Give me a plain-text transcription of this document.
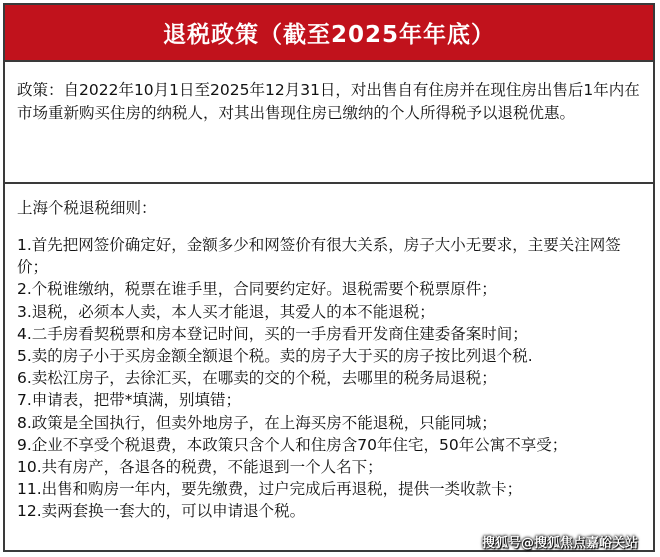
退税政策（截至2025年年底）

政策：自2022年10月1日至2025年12月31日，对出售自有住房并在现住房出售后1年内在市场重新购买住房的纳税人，对其出售现住房已缴纳的个人所得税予以退税优惠。

上海个税退税细则：

1.首先把网签价确定好，金额多少和网签价有很大关系，房子大小无要求，主要关注网签价；
2.个税谁缴纳，税票在谁手里，合同要约定好。退税需要个税票原件；
3.退税，必须本人卖，本人买才能退，其爱人的本不能退税；
4.二手房看契税票和房本登记时间，买的一手房看开发商住建委备案时间；
5.卖的房子小于买房金额全额退个税。卖的房子大于买的房子按比列退个税.
6.卖松江房子，去徐汇买，在哪卖的交的个税，去哪里的税务局退税；
7.申请表，把带*填满，别填错；
8.政策是全国执行，但卖外地房子，在上海买房不能退税，只能同城；
9.企业不享受个税退费，本政策只含个人和住房含70年住宅，50年公寓不享受；
10.共有房产，各退各的税费，不能退到一个人名下；
11.出售和购房一年内，要先缴费，过户完成后再退税，提供一类收款卡；
12.卖两套换一套大的，可以申请退个税。
搜狐号@搜狐焦点嘉峪关站
